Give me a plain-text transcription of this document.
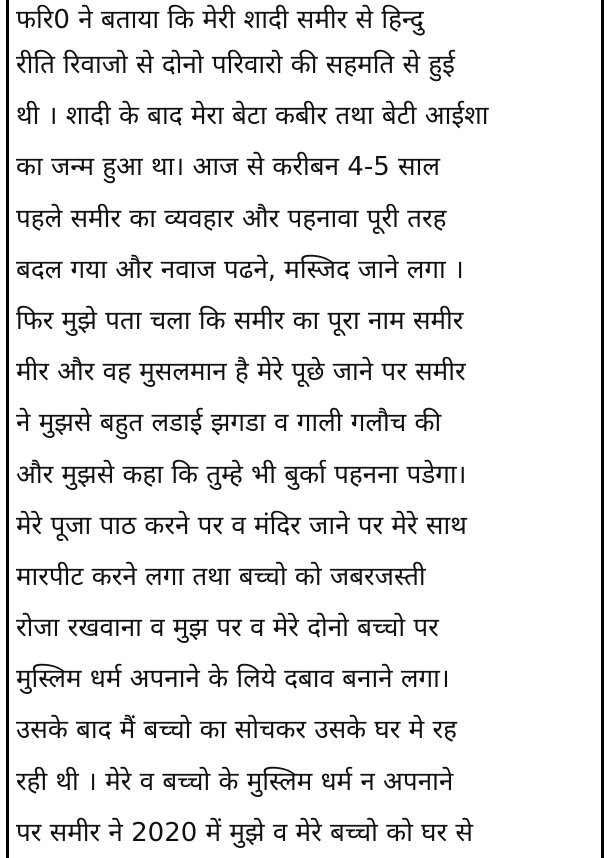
फरि0 ने बताया कि मेरी शादी समीर से हिन्दु
रीति रिवाजो से दोनो परिवारो की सहमति से हुई
थी । शादी के बाद मेरा बेटा कबीर तथा बेटी आईशा
का जन्म हुआ था। आज से करीबन 4-5 साल
पहले समीर का व्यवहार और पहनावा पूरी तरह
बदल गया और नवाज पढने, मस्जिद जाने लगा ।
फिर मुझे पता चला कि समीर का पूरा नाम समीर
मीर और वह मुसलमान है मेरे पूछे जाने पर समीर
ने मुझसे बहुत लडाई झगडा व गाली गलौच की
और मुझसे कहा कि तुम्हे भी बुर्का पहनना पडेगा।
मेरे पूजा पाठ करने पर व मंदिर जाने पर मेरे साथ
मारपीट करने लगा तथा बच्चो को जबरजस्ती
रोजा रखवाना व मुझ पर व मेरे दोनो बच्चो पर
मुस्लिम धर्म अपनाने के लिये दबाव बनाने लगा।
उसके बाद मैं बच्चो का सोचकर उसके घर मे रह
रही थी । मेरे व बच्चो के मुस्लिम धर्म न अपनाने
पर समीर ने 2020 में मुझे व मेरे बच्चो को घर से
